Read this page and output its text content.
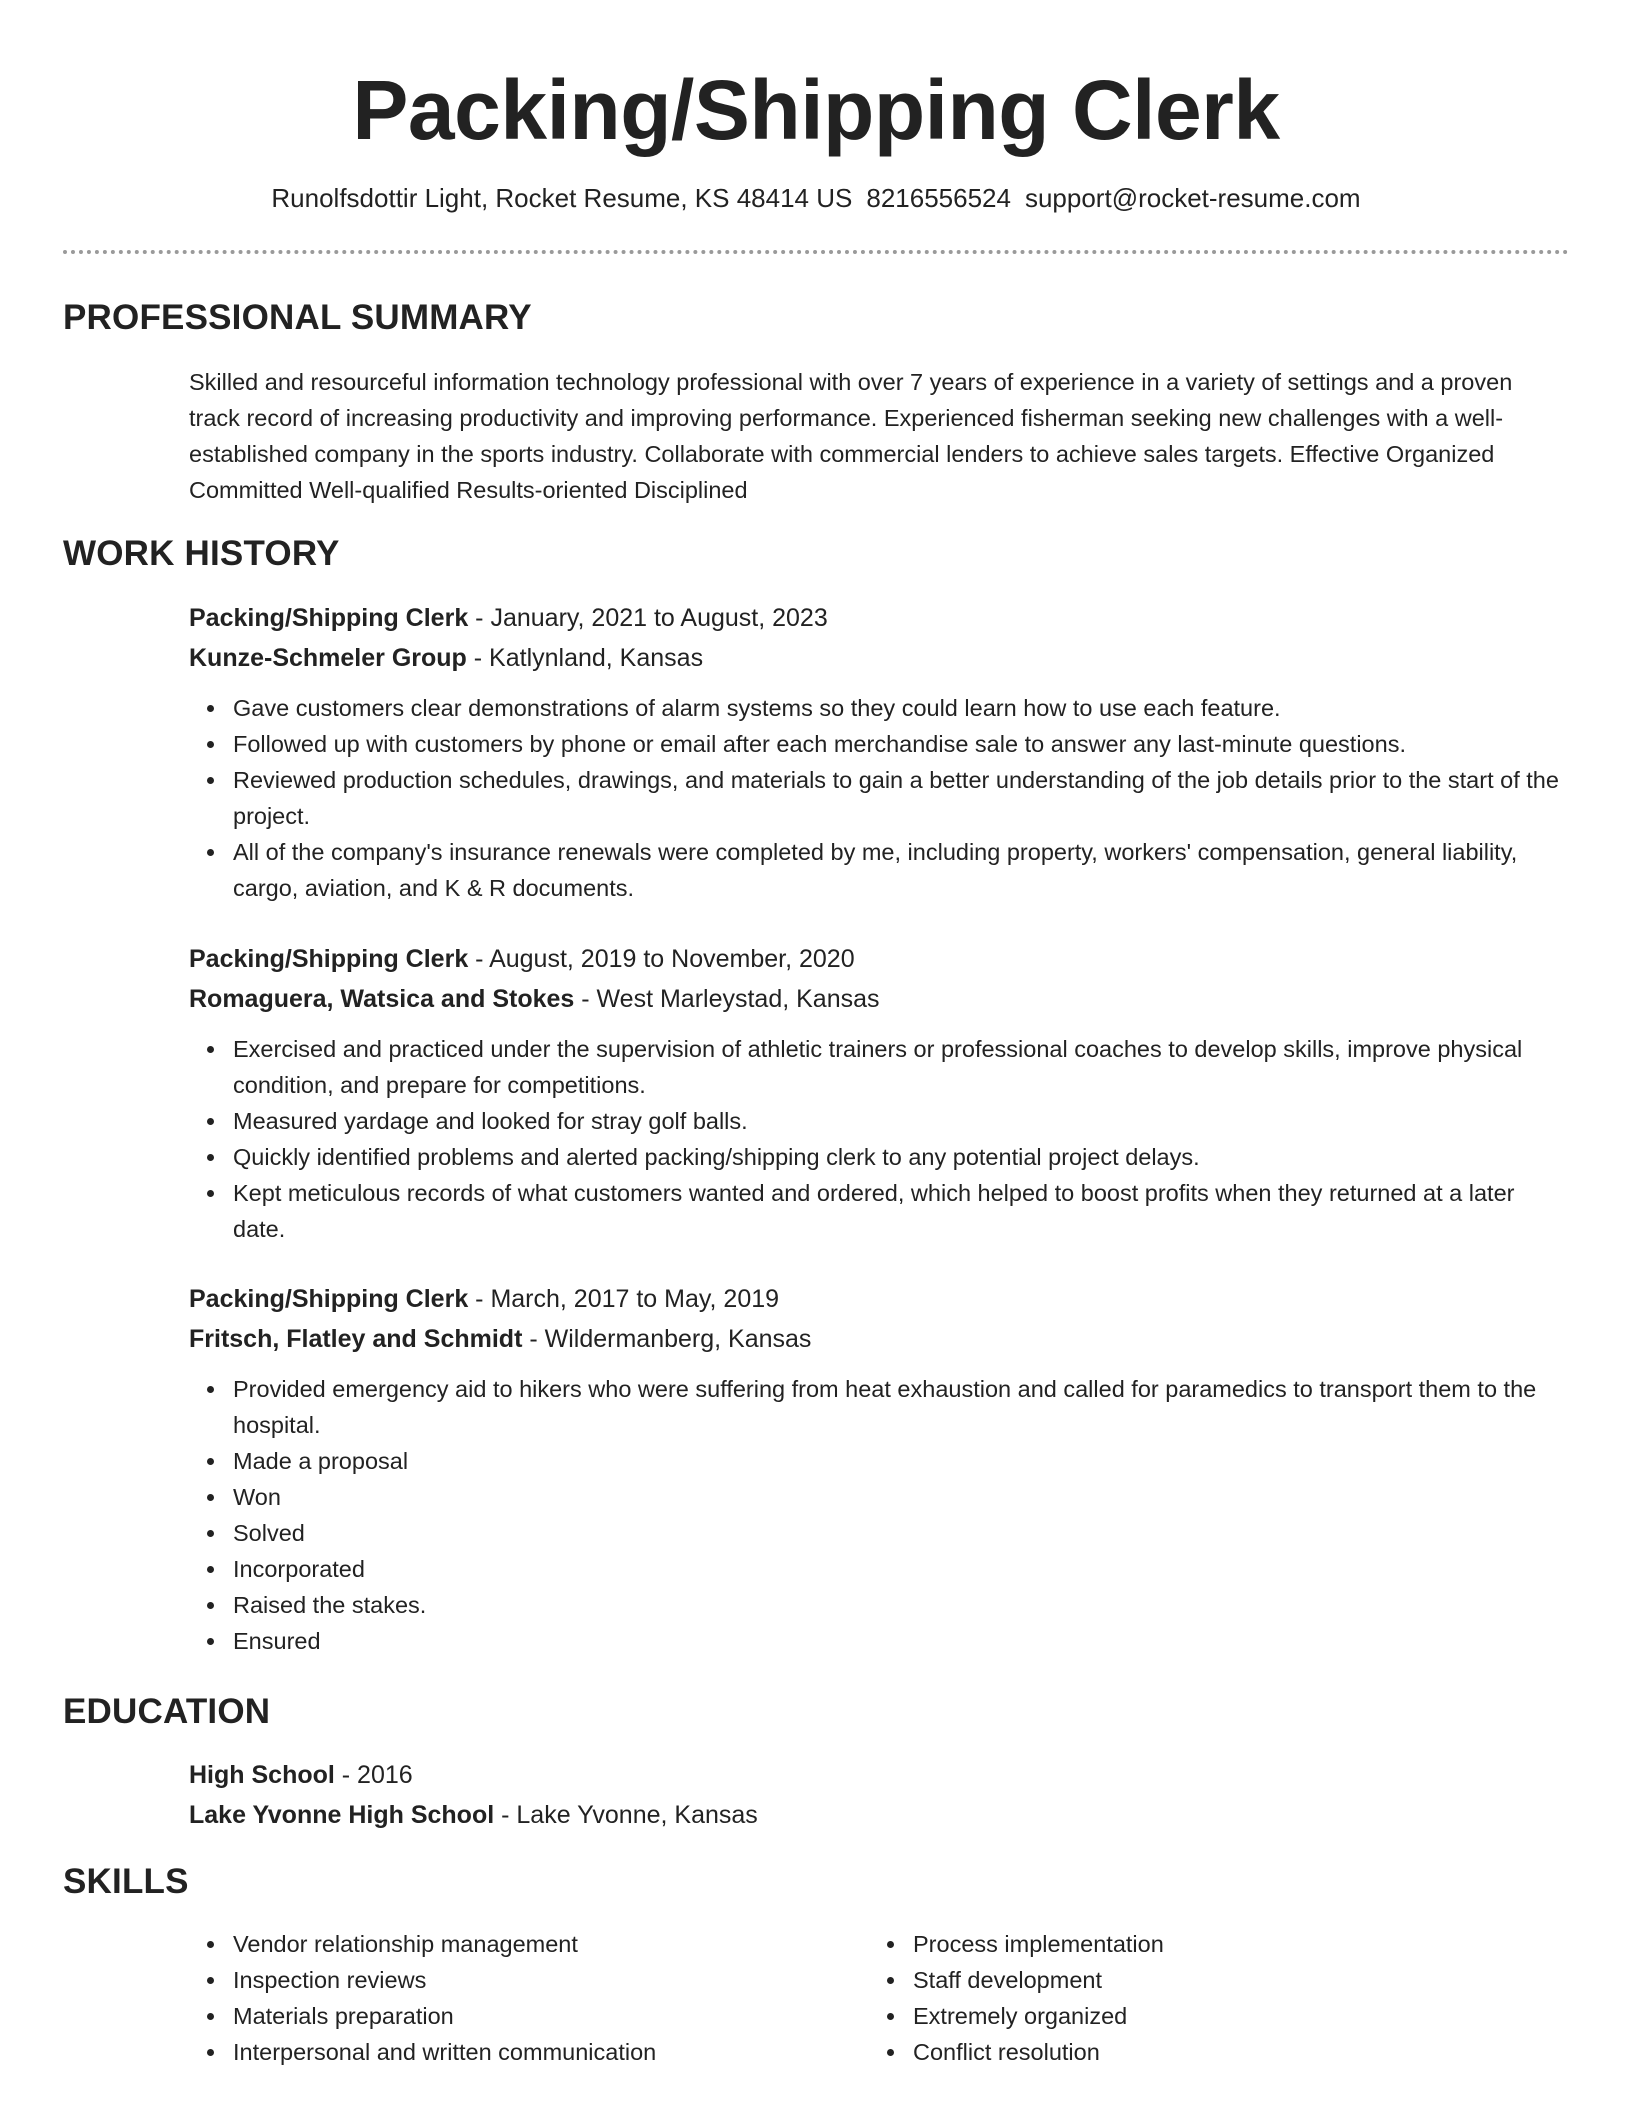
Packing/Shipping Clerk
Runolfsdottir Light, Rocket Resume, KS 48414 US 8216556524 support@rocket-resume.com
PROFESSIONAL SUMMARY
Skilled and resourceful information technology professional with over 7 years of experience in a variety of settings and a proven track record of increasing productivity and improving performance. Experienced fisherman seeking new challenges with a well-established company in the sports industry. Collaborate with commercial lenders to achieve sales targets. Effective Organized Committed Well-qualified Results-oriented Disciplined
WORK HISTORY
Packing/Shipping Clerk - January, 2021 to August, 2023
Kunze-Schmeler Group - Katlynland, Kansas
Gave customers clear demonstrations of alarm systems so they could learn how to use each feature.
Followed up with customers by phone or email after each merchandise sale to answer any last-minute questions.
Reviewed production schedules, drawings, and materials to gain a better understanding of the job details prior to the start of the project.
All of the company's insurance renewals were completed by me, including property, workers' compensation, general liability, cargo, aviation, and K & R documents.
Packing/Shipping Clerk - August, 2019 to November, 2020
Romaguera, Watsica and Stokes - West Marleystad, Kansas
Exercised and practiced under the supervision of athletic trainers or professional coaches to develop skills, improve physical condition, and prepare for competitions.
Measured yardage and looked for stray golf balls.
Quickly identified problems and alerted packing/shipping clerk to any potential project delays.
Kept meticulous records of what customers wanted and ordered, which helped to boost profits when they returned at a later date.
Packing/Shipping Clerk - March, 2017 to May, 2019
Fritsch, Flatley and Schmidt - Wildermanberg, Kansas
Provided emergency aid to hikers who were suffering from heat exhaustion and called for paramedics to transport them to the hospital.
Made a proposal
Won
Solved
Incorporated
Raised the stakes.
Ensured
EDUCATION
High School - 2016
Lake Yvonne High School - Lake Yvonne, Kansas
SKILLS
Vendor relationship management
Inspection reviews
Materials preparation
Interpersonal and written communication
Process implementation
Staff development
Extremely organized
Conflict resolution
